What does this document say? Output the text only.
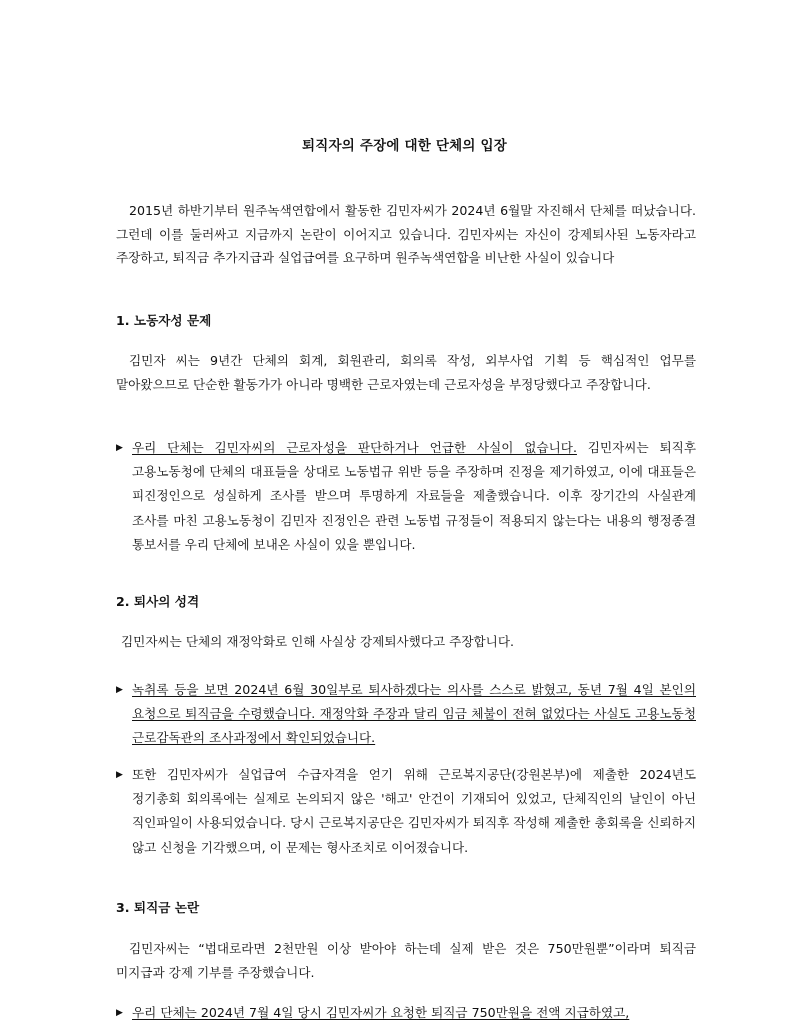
퇴직자의 주장에 대한 단체의 입장
2015년 하반기부터 원주녹색연합에서 활동한 김민자씨가 2024년 6월말 자진해서 단체를 떠났습니다. 그런데 이를 둘러싸고 지금까지 논란이 이어지고 있습니다. 김민자씨는 자신이 강제퇴사된 노동자라고 주장하고, 퇴직금 추가지급과 실업급여를 요구하며 원주녹색연합을 비난한 사실이 있습니다
1. 노동자성 문제
김민자 씨는 9년간 단체의 회계, 회원관리, 회의록 작성, 외부사업 기획 등 핵심적인 업무를 맡아왔으므로 단순한 활동가가 아니라 명백한 근로자였는데 근로자성을 부정당했다고 주장합니다.
▶ 우리 단체는 김민자씨의 근로자성을 판단하거나 언급한 사실이 없습니다. 김민자씨는 퇴직후 고용노동청에 단체의 대표들을 상대로 노동법규 위반 등을 주장하며 진정을 제기하였고, 이에 대표들은 피진정인으로 성실하게 조사를 받으며 투명하게 자료들을 제출했습니다. 이후 장기간의 사실관계 조사를 마친 고용노동청이 김민자 진정인은 관련 노동법 규정들이 적용되지 않는다는 내용의 행정종결 통보서를 우리 단체에 보내온 사실이 있을 뿐입니다.
2. 퇴사의 성격
김민자씨는 단체의 재정악화로 인해 사실상 강제퇴사했다고 주장합니다.
▶ 녹취록 등을 보면 2024년 6월 30일부로 퇴사하겠다는 의사를 스스로 밝혔고, 동년 7월 4일 본인의 요청으로 퇴직금을 수령했습니다. 재정악화 주장과 달리 임금 체불이 전혀 없었다는 사실도 고용노동청 근로감독관의 조사과정에서 확인되었습니다.
▶ 또한 김민자씨가 실업급여 수급자격을 얻기 위해 근로복지공단(강원본부)에 제출한 2024년도 정기총회 회의록에는 실제로 논의되지 않은 '해고' 안건이 기재되어 있었고, 단체직인의 날인이 아닌 직인파일이 사용되었습니다. 당시 근로복지공단은 김민자씨가 퇴직후 작성해 제출한 총회록을 신뢰하지 않고 신청을 기각했으며, 이 문제는 형사조치로 이어졌습니다.
3. 퇴직금 논란
김민자씨는 “법대로라면 2천만원 이상 받아야 하는데 실제 받은 것은 750만원뿐”이라며 퇴직금 미지급과 강제 기부를 주장했습니다.
▶ 우리 단체는 2024년 7월 4일 당시 김민자씨가 요청한 퇴직금 750만원을 전액 지급하였고,
